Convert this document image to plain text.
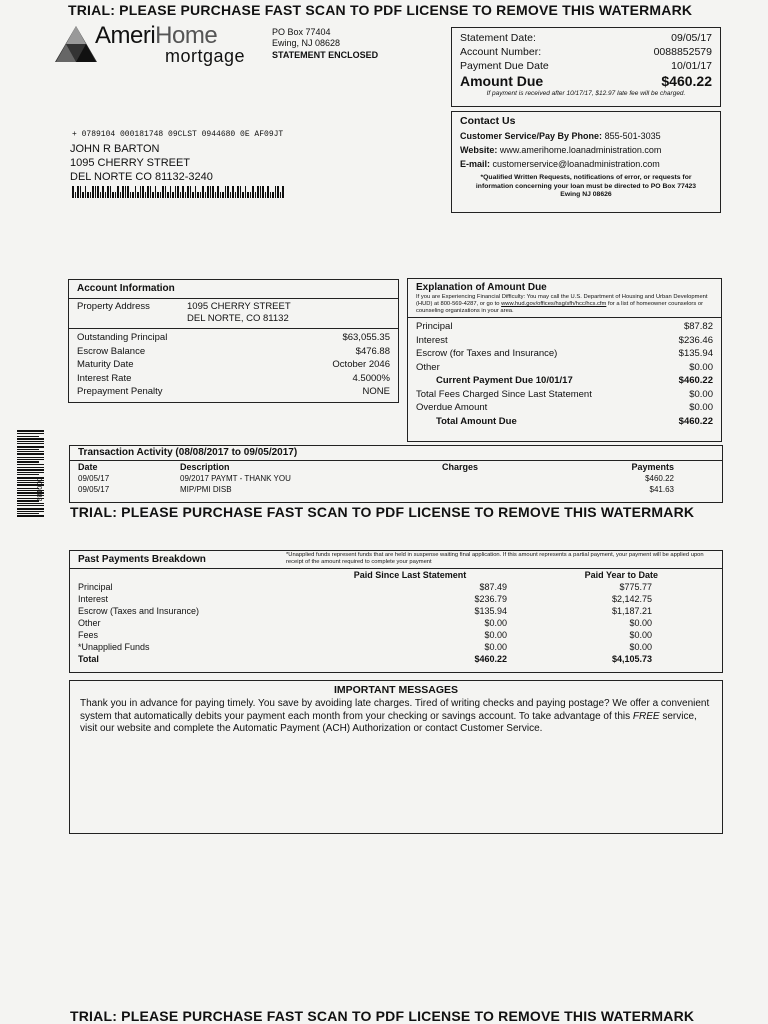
TRIAL: PLEASE PURCHASE FAST SCAN TO PDF LICENSE TO REMOVE THIS WATERMARK
TRIAL: PLEASE PURCHASE FAST SCAN TO PDF LICENSE TO REMOVE THIS WATERMARK
TRIAL: PLEASE PURCHASE FAST SCAN TO PDF LICENSE TO REMOVE THIS WATERMARK
AmeriHome
mortgage
PO Box 77404
Ewing, NJ 08628
STATEMENT ENCLOSED
Statement Date:	09/05/17
Account Number:	0088852579
Payment Due Date	10/01/17
Amount Due	$460.22
If payment is received after 10/17/17, $12.97 late fee will be charged.
Contact Us
Customer Service/Pay By Phone: 855-501-3035
Website: www.amerihome.loanadministration.com
E-mail: customerservice@loanadministration.com
*Qualified Written Requests, notifications of error, or requests for information concerning your loan must be directed to PO Box 77423 Ewing NJ 08626
+ 0789104 000181748 09CLST 0944680 0E AF09JT
JOHN R BARTON
1095 CHERRY STREET
DEL NORTE CO 81132-3240
Account Information
Property Address	1095 CHERRY STREET
DEL NORTE, CO 81132
Outstanding Principal	$63,055.35
Escrow Balance	$476.88
Maturity Date	October 2046
Interest Rate	4.5000%
Prepayment Penalty	NONE
Explanation of Amount Due
If you are Experiencing Financial Difficulty: You may call the U.S. Department of Housing and Urban Development (HUD) at 800-569-4287, or go to www.hud.gov/offices/hsg/sfh/hcc/hcs.cfm for a list of homeowner counselors or counseling organizations in your area.
Principal	$87.82
Interest	$236.46
Escrow (for Taxes and Insurance)	$135.94
Other	$0.00
Current Payment Due 10/01/17	$460.22
Total Fees Charged Since Last Statement	$0.00
Overdue Amount	$0.00
Total Amount Due	$460.22
000182
Transaction Activity (08/08/2017 to 09/05/2017)
Date	Description	Charges	Payments
09/05/17	09/2017 PAYMT - THANK YOU		$460.22
09/05/17	MIP/PMI DISB		$41.63
Past Payments Breakdown	*Unapplied funds represent funds that are held in suspense waiting final application. If this amount represents a partial payment, your payment will be applied upon receipt of the amount required to complete your payment
	Paid Since Last Statement	Paid Year to Date
Principal	$87.49	$775.77
Interest	$236.79	$2,142.75
Escrow (Taxes and Insurance)	$135.94	$1,187.21
Other	$0.00	$0.00
Fees	$0.00	$0.00
*Unapplied Funds	$0.00	$0.00
Total	$460.22	$4,105.73
IMPORTANT MESSAGES
Thank you in advance for paying timely. You save by avoiding late charges. Tired of writing checks and paying postage? We offer a convenient system that automatically debits your payment each month from your checking or savings account. To take advantage of this FREE service, visit our website and complete the Automatic Payment (ACH) Authorization or contact Customer Service.
